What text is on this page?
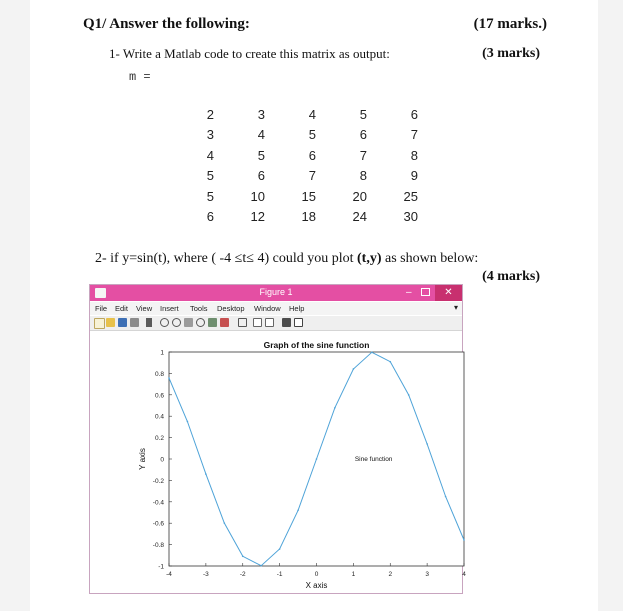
Q1/ Answer the following:	(17 marks.)
1- Write a Matlab code to create this matrix as output:	(3 marks)
m =
2	3	4	5	6
3	4	5	6	7
4	5	6	7	8
5	6	7	8	9
5	10	15	20	25
6	12	18	24	30
2- if y=sin(t), where ( -4 ≤t≤ 4) could you plot (t,y) as shown below:
(4 marks)
Figure 1	–	✕
File Edit View Insert Tools Desktop Window Help	▾
Graph of the sine function
-4	-3	-2	-1	0	1	2	3	4
-1
-0.8
-0.6
-0.4
-0.2
0
0.2
0.4
0.6
0.8
1
X axis
Y axis	Sine function
